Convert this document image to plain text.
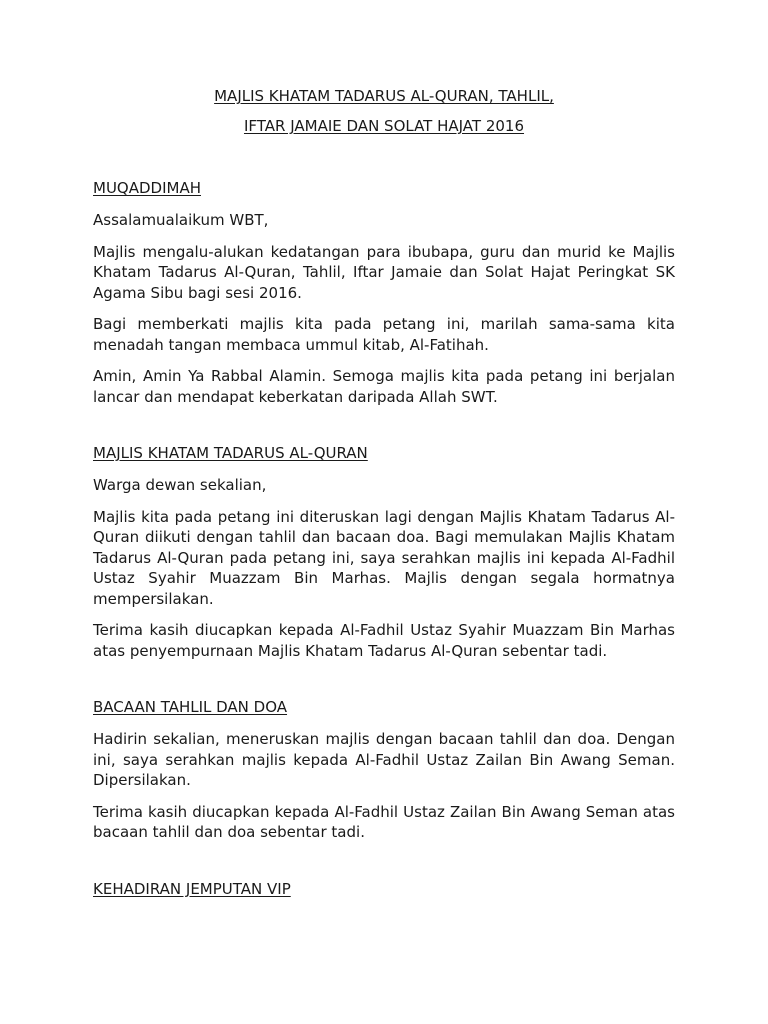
MAJLIS KHATAM TADARUS AL-QURAN, TAHLIL,

IFTAR JAMAIE DAN SOLAT HAJAT 2016

MUQADDIMAH

Assalamualaikum WBT,

Majlis mengalu-alukan kedatangan para ibubapa, guru dan murid ke Majlis Khatam Tadarus Al-Quran, Tahlil, Iftar Jamaie dan Solat Hajat Peringkat SK Agama Sibu bagi sesi 2016.

Bagi memberkati majlis kita pada petang ini, marilah sama-sama kita menadah tangan membaca ummul kitab, Al-Fatihah.

Amin, Amin Ya Rabbal Alamin. Semoga majlis kita pada petang ini berjalan lancar dan mendapat keberkatan daripada Allah SWT.

MAJLIS KHATAM TADARUS AL-QURAN

Warga dewan sekalian,

Majlis kita pada petang ini diteruskan lagi dengan Majlis Khatam Tadarus Al-Quran diikuti dengan tahlil dan bacaan doa. Bagi memulakan Majlis Khatam Tadarus Al-Quran pada petang ini, saya serahkan majlis ini kepada Al-Fadhil Ustaz Syahir Muazzam Bin Marhas. Majlis dengan segala hormatnya mempersilakan.

Terima kasih diucapkan kepada Al-Fadhil Ustaz Syahir Muazzam Bin Marhas atas penyempurnaan Majlis Khatam Tadarus Al-Quran sebentar tadi.

BACAAN TAHLIL DAN DOA

Hadirin sekalian, meneruskan majlis dengan bacaan tahlil dan doa. Dengan ini, saya serahkan majlis kepada Al-Fadhil Ustaz Zailan Bin Awang Seman. Dipersilakan.

Terima kasih diucapkan kepada Al-Fadhil Ustaz Zailan Bin Awang Seman atas bacaan tahlil dan doa sebentar tadi.

KEHADIRAN JEMPUTAN VIP
